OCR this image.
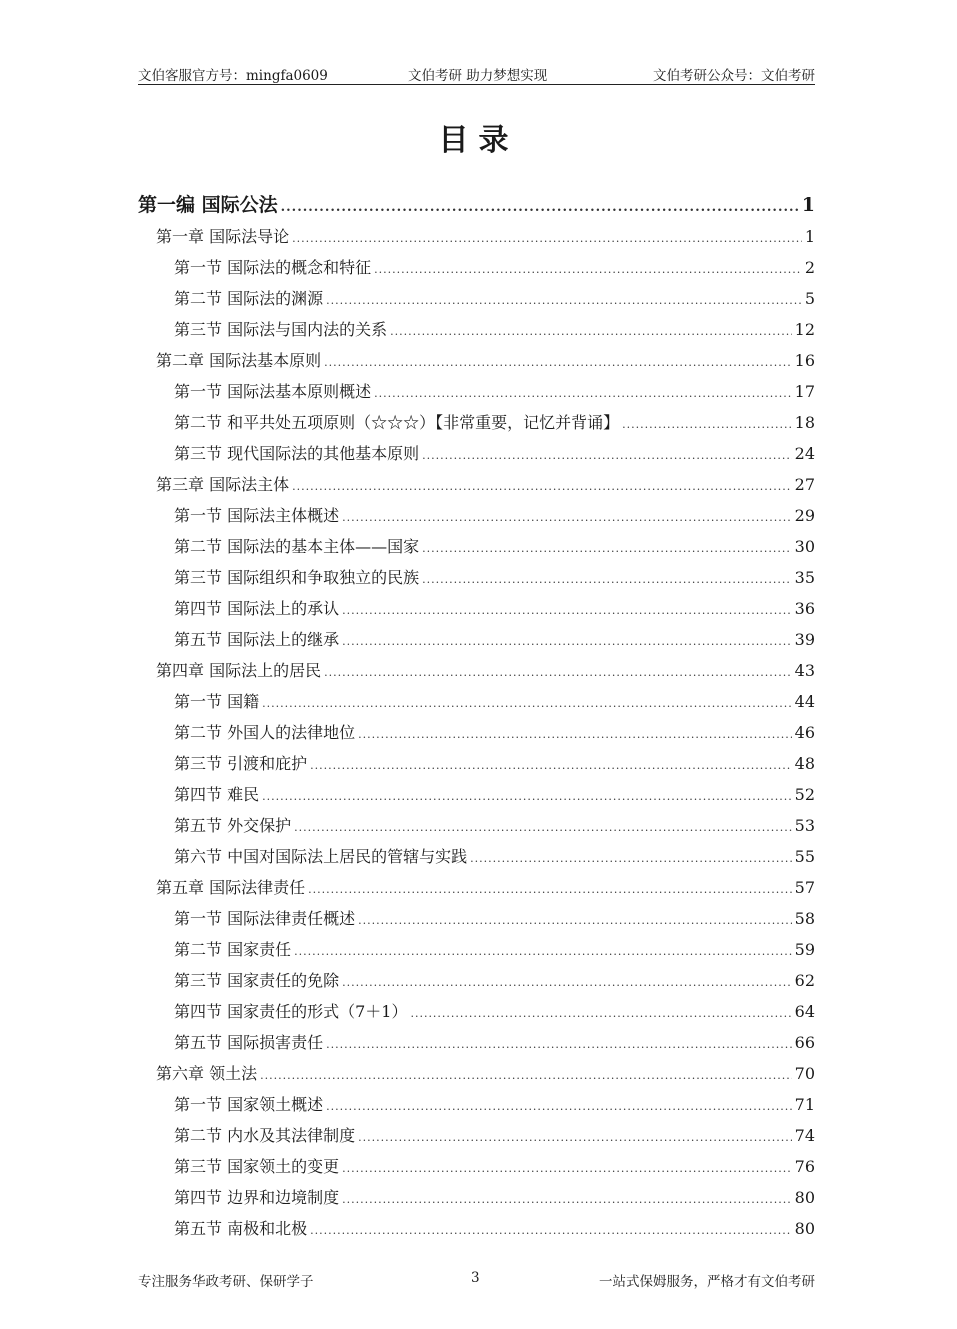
文伯客服官方号：mingfa0609	文伯考研 助力梦想实现	文伯考研公众号：文伯考研
目录
第一编 国际公法 .....	1
第一章 国际法导论 .....	1
第一节 国际法的概念和特征 .....	2
第二节 国际法的渊源 .....	5
第三节 国际法与国内法的关系 .....	12
第二章 国际法基本原则 .....	16
第一节 国际法基本原则概述 .....	17
第二节 和平共处五项原则（☆☆☆）【非常重要，记忆并背诵】 .....	18
第三节 现代国际法的其他基本原则 .....	24
第三章 国际法主体 .....	27
第一节 国际法主体概述 .....	29
第二节 国际法的基本主体——国家 .....	30
第三节 国际组织和争取独立的民族 .....	35
第四节 国际法上的承认 .....	36
第五节 国际法上的继承 .....	39
第四章 国际法上的居民 .....	43
第一节 国籍 .....	44
第二节 外国人的法律地位 .....	46
第三节 引渡和庇护 .....	48
第四节 难民 .....	52
第五节 外交保护 .....	53
第六节 中国对国际法上居民的管辖与实践 .....	55
第五章 国际法律责任 .....	57
第一节 国际法律责任概述 .....	58
第二节 国家责任 .....	59
第三节 国家责任的免除 .....	62
第四节 国家责任的形式（7＋1） .....	64
第五节 国际损害责任 .....	66
第六章 领土法 .....	70
第一节 国家领土概述 .....	71
第二节 内水及其法律制度 .....	74
第三节 国家领土的变更 .....	76
第四节 边界和边境制度 .....	80
第五节 南极和北极 .....	80
专注服务华政考研、保研学子	3	一站式保姆服务，严格才有文伯考研
